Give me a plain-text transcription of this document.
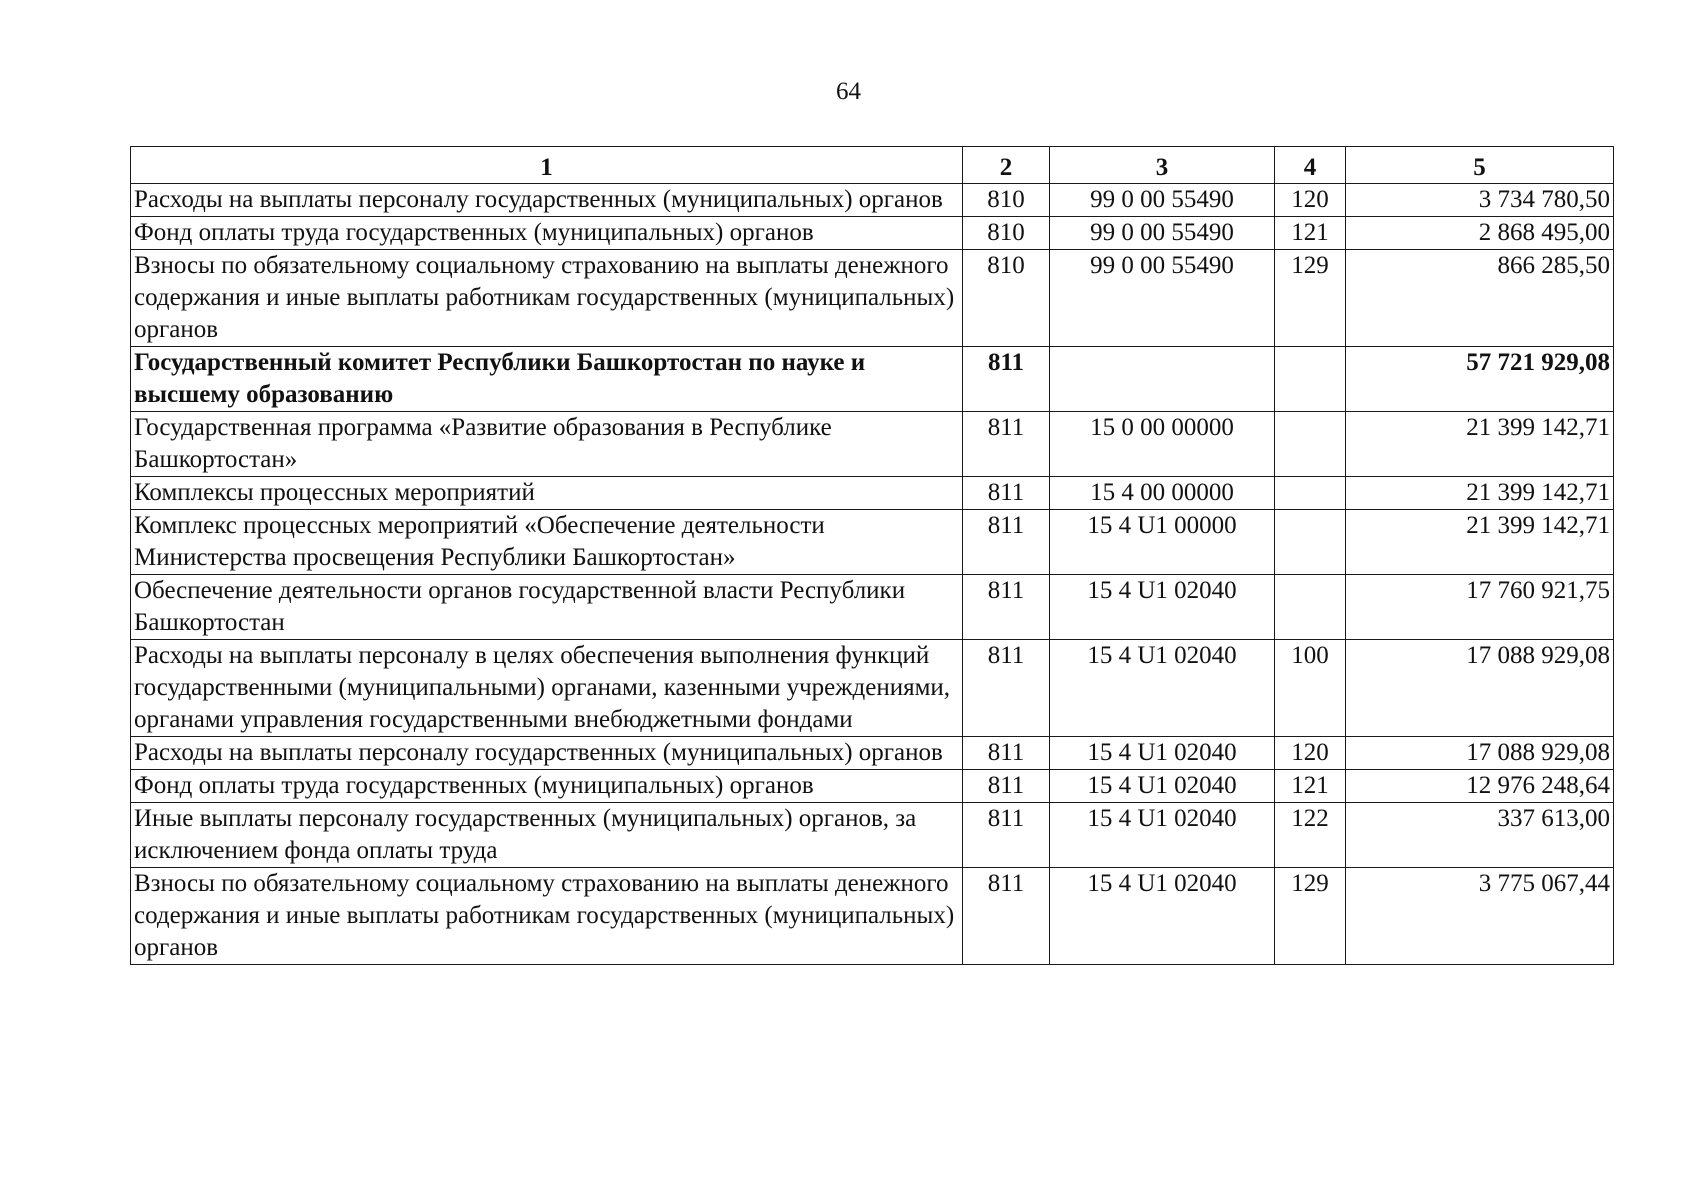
64
1	2	3	4	5
Расходы на выплаты персоналу государственных (муниципальных) органов	810	99 0 00 55490	120	3 734 780,50
Фонд оплаты труда государственных (муниципальных) органов	810	99 0 00 55490	121	2 868 495,00
Взносы по обязательному социальному страхованию на выплаты денежного содержания и иные выплаты работникам государственных (муниципальных) органов	810	99 0 00 55490	129	866 285,50
Государственный комитет Республики Башкортостан по науке и высшему образованию	811			57 721 929,08
Государственная программа «Развитие образования в Республике Башкортостан»	811	15 0 00 00000		21 399 142,71
Комплексы процессных мероприятий	811	15 4 00 00000		21 399 142,71
Комплекс процессных мероприятий «Обеспечение деятельности Министерства просвещения Республики Башкортостан»	811	15 4 U1 00000		21 399 142,71
Обеспечение деятельности органов государственной власти Республики Башкортостан	811	15 4 U1 02040		17 760 921,75
Расходы на выплаты персоналу в целях обеспечения выполнения функций государственными (муниципальными) органами, казенными учреждениями, органами управления государственными внебюджетными фондами	811	15 4 U1 02040	100	17 088 929,08
Расходы на выплаты персоналу государственных (муниципальных) органов	811	15 4 U1 02040	120	17 088 929,08
Фонд оплаты труда государственных (муниципальных) органов	811	15 4 U1 02040	121	12 976 248,64
Иные выплаты персоналу государственных (муниципальных) органов, за исключением фонда оплаты труда	811	15 4 U1 02040	122	337 613,00
Взносы по обязательному социальному страхованию на выплаты денежного содержания и иные выплаты работникам государственных (муниципальных) органов	811	15 4 U1 02040	129	3 775 067,44
